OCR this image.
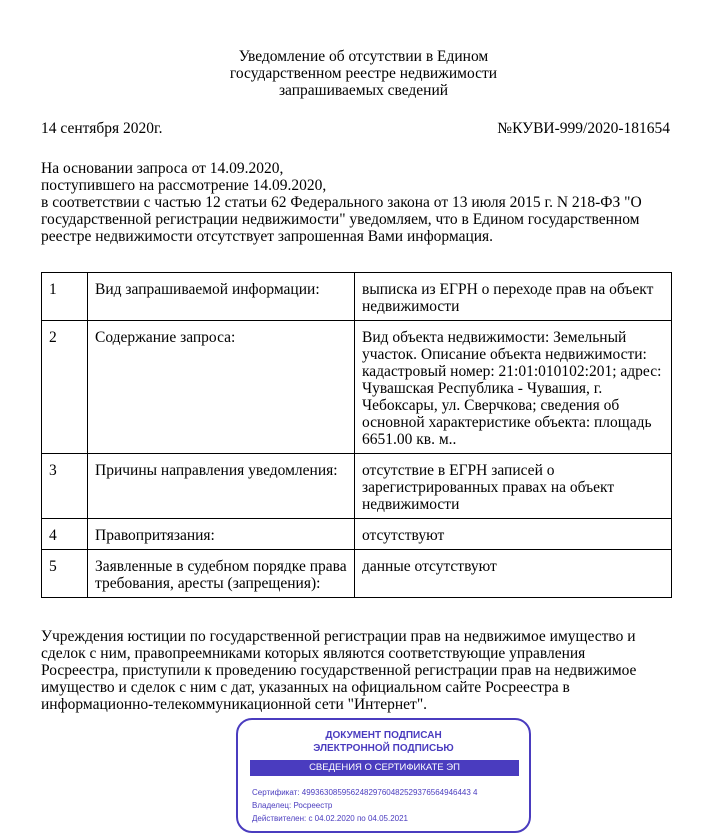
Уведомление об отсутствии в Едином
государственном реестре недвижимости
запрашиваемых сведений
14 сентября 2020г.	№КУВИ-999/2020-181654
На основании запроса от 14.09.2020,
поступившего на рассмотрение 14.09.2020,
в соответствии с частью 12 статьи 62 Федерального закона от 13 июля 2015 г. N 218-ФЗ "О
государственной регистрации недвижимости" уведомляем, что в Едином государственном
реестре недвижимости отсутствует запрошенная Вами информация.
1	Вид запрашиваемой информации:	выписка из ЕГРН о переходе прав на объект недвижимости
2	Содержание запроса:	Вид объекта недвижимости: Земельный участок. Описание объекта недвижимости: кадастровый номер: 21:01:010102:201; адрес: Чувашская Республика - Чувашия, г. Чебоксары, ул. Сверчкова; сведения об основной характеристике объекта: площадь 6651.00 кв. м..
3	Причины направления уведомления:	отсутствие в ЕГРН записей о зарегистрированных правах на объект недвижимости
4	Правопритязания:	отсутствуют
5	Заявленные в судебном порядке права требования, аресты (запрещения):	данные отсутствуют
Учреждения юстиции по государственной регистрации прав на недвижимое имущество и
сделок с ним, правопреемниками которых являются соответствующие управления
Росреестра, приступили к проведению государственной регистрации прав на недвижимое
имущество и сделок с ним с дат, указанных на официальном сайте Росреестра в
информационно-телекоммуникационной сети "Интернет".
ДОКУМЕНТ ПОДПИСАН
ЭЛЕКТРОННОЙ ПОДПИСЬЮ
СВЕДЕНИЯ О СЕРТИФИКАТЕ ЭП
Сертификат: 49936308595624829760482529376564946443 4
Владелец: Росреестр
Действителен: с 04.02.2020 по 04.05.2021
